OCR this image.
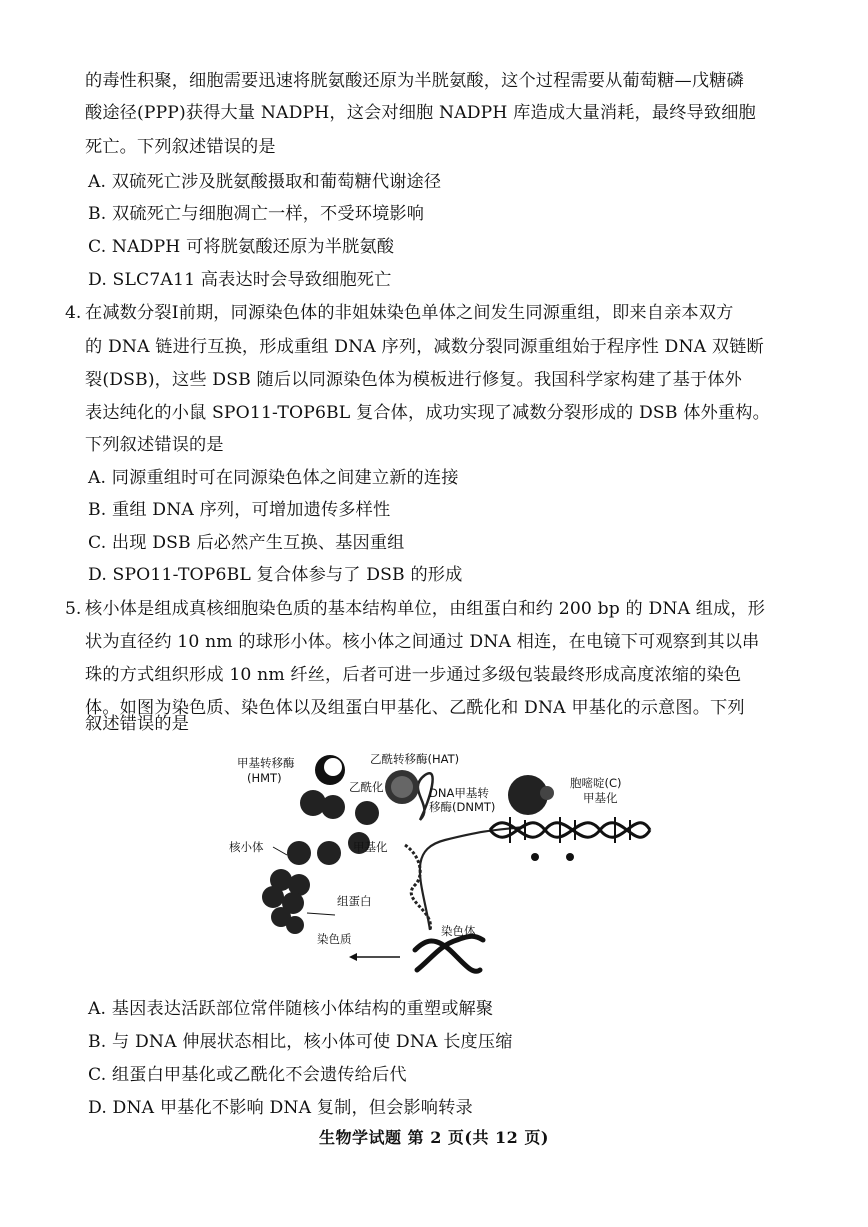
的毒性积聚，细胞需要迅速将胱氨酸还原为半胱氨酸，这个过程需要从葡萄糖—戊糖磷
酸途径(PPP)获得大量 NADPH，这会对细胞 NADPH 库造成大量消耗，最终导致细胞
死亡。下列叙述错误的是
A. 双硫死亡涉及胱氨酸摄取和葡萄糖代谢途径
B. 双硫死亡与细胞凋亡一样，不受环境影响
C. NADPH 可将胱氨酸还原为半胱氨酸
D. SLC7A11 高表达时会导致细胞死亡
4. 在减数分裂Ⅰ前期，同源染色体的非姐妹染色单体之间发生同源重组，即来自亲本双方
的 DNA 链进行互换，形成重组 DNA 序列，减数分裂同源重组始于程序性 DNA 双链断
裂(DSB)，这些 DSB 随后以同源染色体为模板进行修复。我国科学家构建了基于体外
表达纯化的小鼠 SPO11-TOP6BL 复合体，成功实现了减数分裂形成的 DSB 体外重构。
下列叙述错误的是
A. 同源重组时可在同源染色体之间建立新的连接
B. 重组 DNA 序列，可增加遗传多样性
C. 出现 DSB 后必然产生互换、基因重组
D. SPO11-TOP6BL 复合体参与了 DSB 的形成
5. 核小体是组成真核细胞染色质的基本结构单位，由组蛋白和约 200 bp 的 DNA 组成，形
状为直径约 10 nm 的球形小体。核小体之间通过 DNA 相连，在电镜下可观察到其以串
珠的方式组织形成 10 nm 纤丝，后者可进一步通过多级包装最终形成高度浓缩的染色
体。如图为染色质、染色体以及组蛋白甲基化、乙酰化和 DNA 甲基化的示意图。下列
叙述错误的是
甲基转移酶
(HMT)
乙酰转移酶(HAT)
乙酰化	DNA甲基转
移酶(DNMT)
胞嘧啶(C)
甲基化
核小体	甲基化
组蛋白
染色质
染色体
A. 基因表达活跃部位常伴随核小体结构的重塑或解聚
B. 与 DNA 伸展状态相比，核小体可使 DNA 长度压缩
C. 组蛋白甲基化或乙酰化不会遗传给后代
D. DNA 甲基化不影响 DNA 复制，但会影响转录
生物学试题 第 2 页(共 12 页)
